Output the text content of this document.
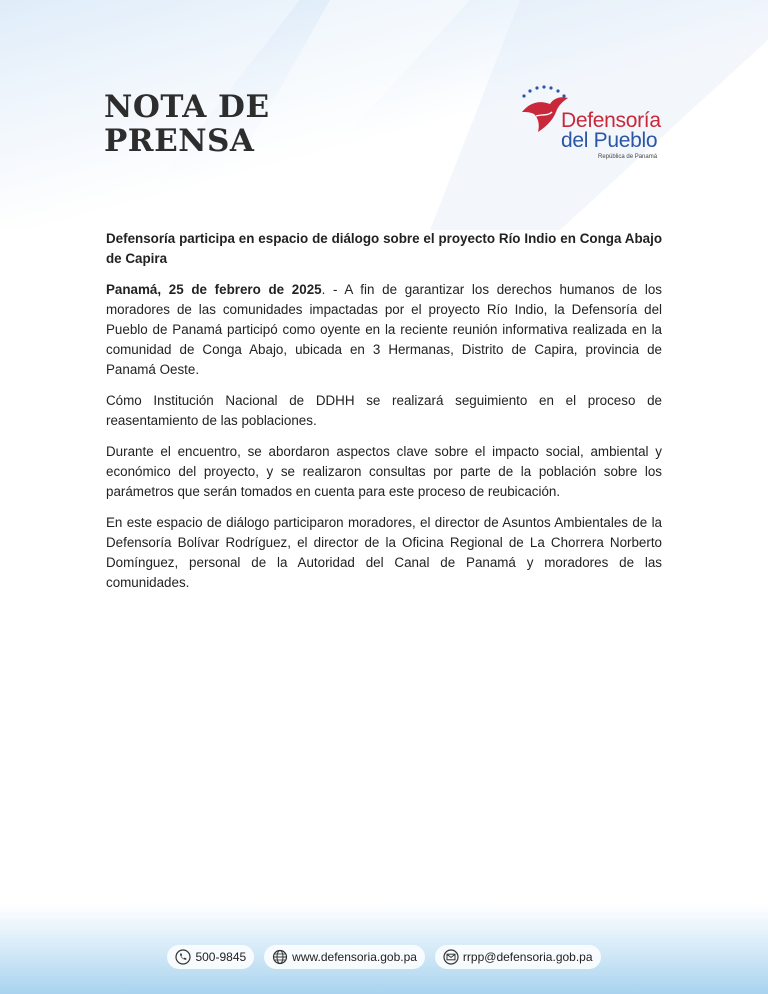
NOTA DE
PRENSA
Defensoría
del Pueblo
República de Panamá

Defensoría participa en espacio de diálogo sobre el proyecto Río Indio en Conga Abajo de Capira

Panamá, 25 de febrero de 2025. - A fin de garantizar los derechos humanos de los moradores de las comunidades impactadas por el proyecto Río Indio, la Defensoría del Pueblo de Panamá participó como oyente en la reciente reunión informativa realizada en la comunidad de Conga Abajo, ubicada en 3 Hermanas, Distrito de Capira, provincia de Panamá Oeste.

Cómo Institución Nacional de DDHH se realizará seguimiento en el proceso de reasentamiento de las poblaciones.

Durante el encuentro, se abordaron aspectos clave sobre el impacto social, ambiental y económico del proyecto, y se realizaron consultas por parte de la población sobre los parámetros que serán tomados en cuenta para este proceso de reubicación.

En este espacio de diálogo participaron moradores, el director de Asuntos Ambientales de la Defensoría Bolívar Rodríguez, el director de la Oficina Regional de La Chorrera Norberto Domínguez, personal de la Autoridad del Canal de Panamá y moradores de las comunidades.

500-9845	www.defensoria.gob.pa	rrpp@defensoria.gob.pa
